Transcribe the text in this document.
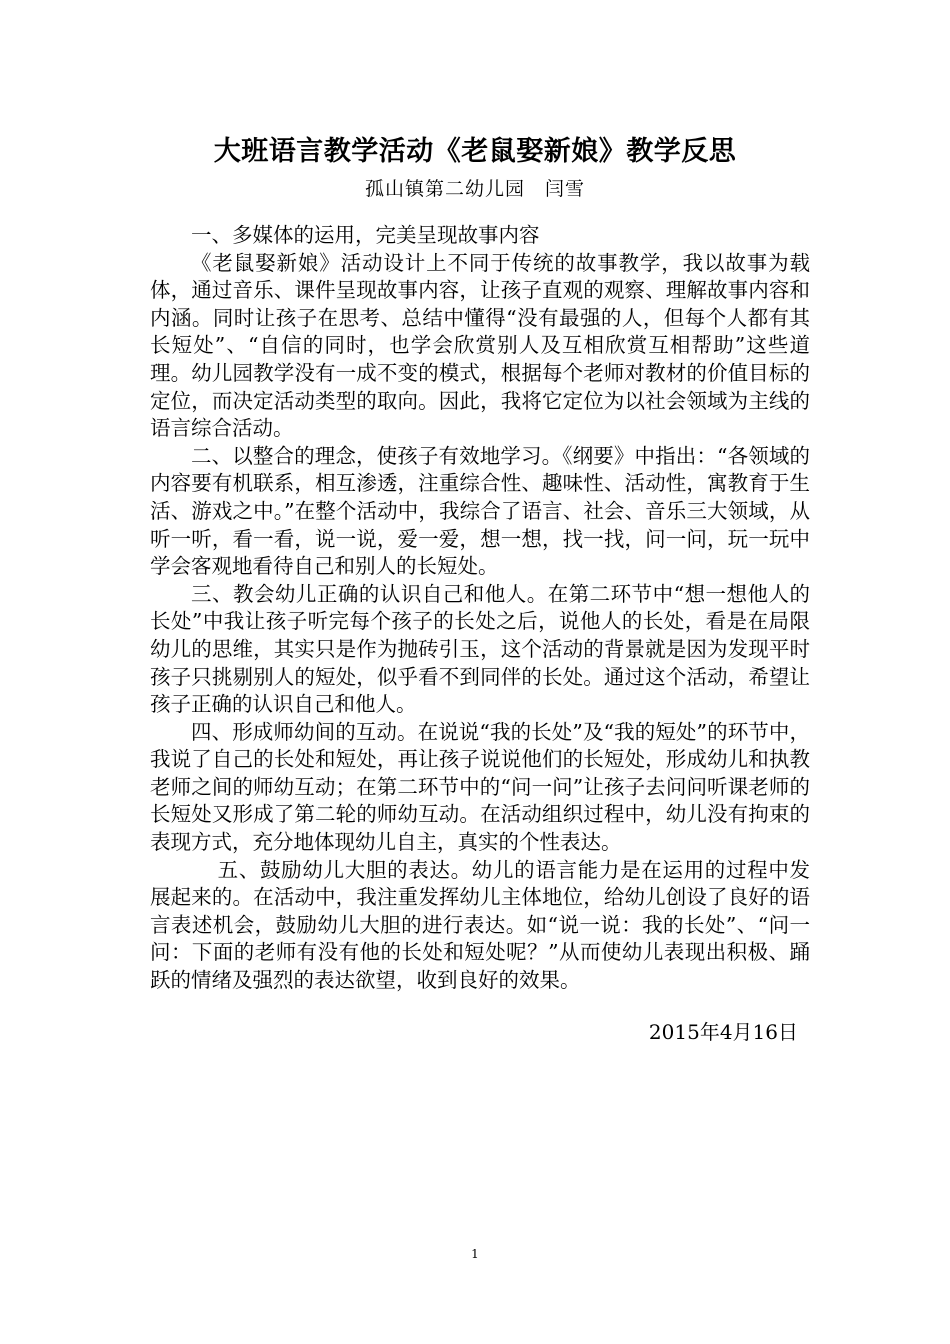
大班语言教学活动《老鼠娶新娘》教学反思
孤山镇第二幼儿园　闫雪

一、多媒体的运用，完美呈现故事内容

《老鼠娶新娘》活动设计上不同于传统的故事教学，我以故事为载体，通过音乐、课件呈现故事内容，让孩子直观的观察、理解故事内容和内涵。同时让孩子在思考、总结中懂得“没有最强的人，但每个人都有其长短处”、“自信的同时，也学会欣赏别人及互相欣赏互相帮助”这些道理。幼儿园教学没有一成不变的模式，根据每个老师对教材的价值目标的定位，而决定活动类型的取向。因此，我将它定位为以社会领域为主线的语言综合活动。

二、以整合的理念，使孩子有效地学习。《纲要》中指出：“各领域的内容要有机联系，相互渗透，注重综合性、趣味性、活动性，寓教育于生活、游戏之中。”在整个活动中，我综合了语言、社会、音乐三大领域，从听一听，看一看，说一说，爱一爱，想一想，找一找，问一问，玩一玩中学会客观地看待自己和别人的长短处。

三、教会幼儿正确的认识自己和他人。在第二环节中“想一想他人的长处”中我让孩子听完每个孩子的长处之后，说他人的长处，看是在局限幼儿的思维，其实只是作为抛砖引玉，这个活动的背景就是因为发现平时孩子只挑剔别人的短处，似乎看不到同伴的长处。通过这个活动，希望让孩子正确的认识自己和他人。

四、形成师幼间的互动。在说说“我的长处”及“我的短处”的环节中，我说了自己的长处和短处，再让孩子说说他们的长短处，形成幼儿和执教老师之间的师幼互动；在第二环节中的“问一问”让孩子去问问听课老师的长短处又形成了第二轮的师幼互动。在活动组织过程中，幼儿没有拘束的表现方式，充分地体现幼儿自主，真实的个性表达。

五、鼓励幼儿大胆的表达。幼儿的语言能力是在运用的过程中发展起来的。在活动中，我注重发挥幼儿主体地位，给幼儿创设了良好的语言表述机会，鼓励幼儿大胆的进行表达。如“说一说：我的长处”、“问一问：下面的老师有没有他的长处和短处呢？”从而使幼儿表现出积极、踊跃的情绪及强烈的表达欲望，收到良好的效果。

2015年4月16日
1
